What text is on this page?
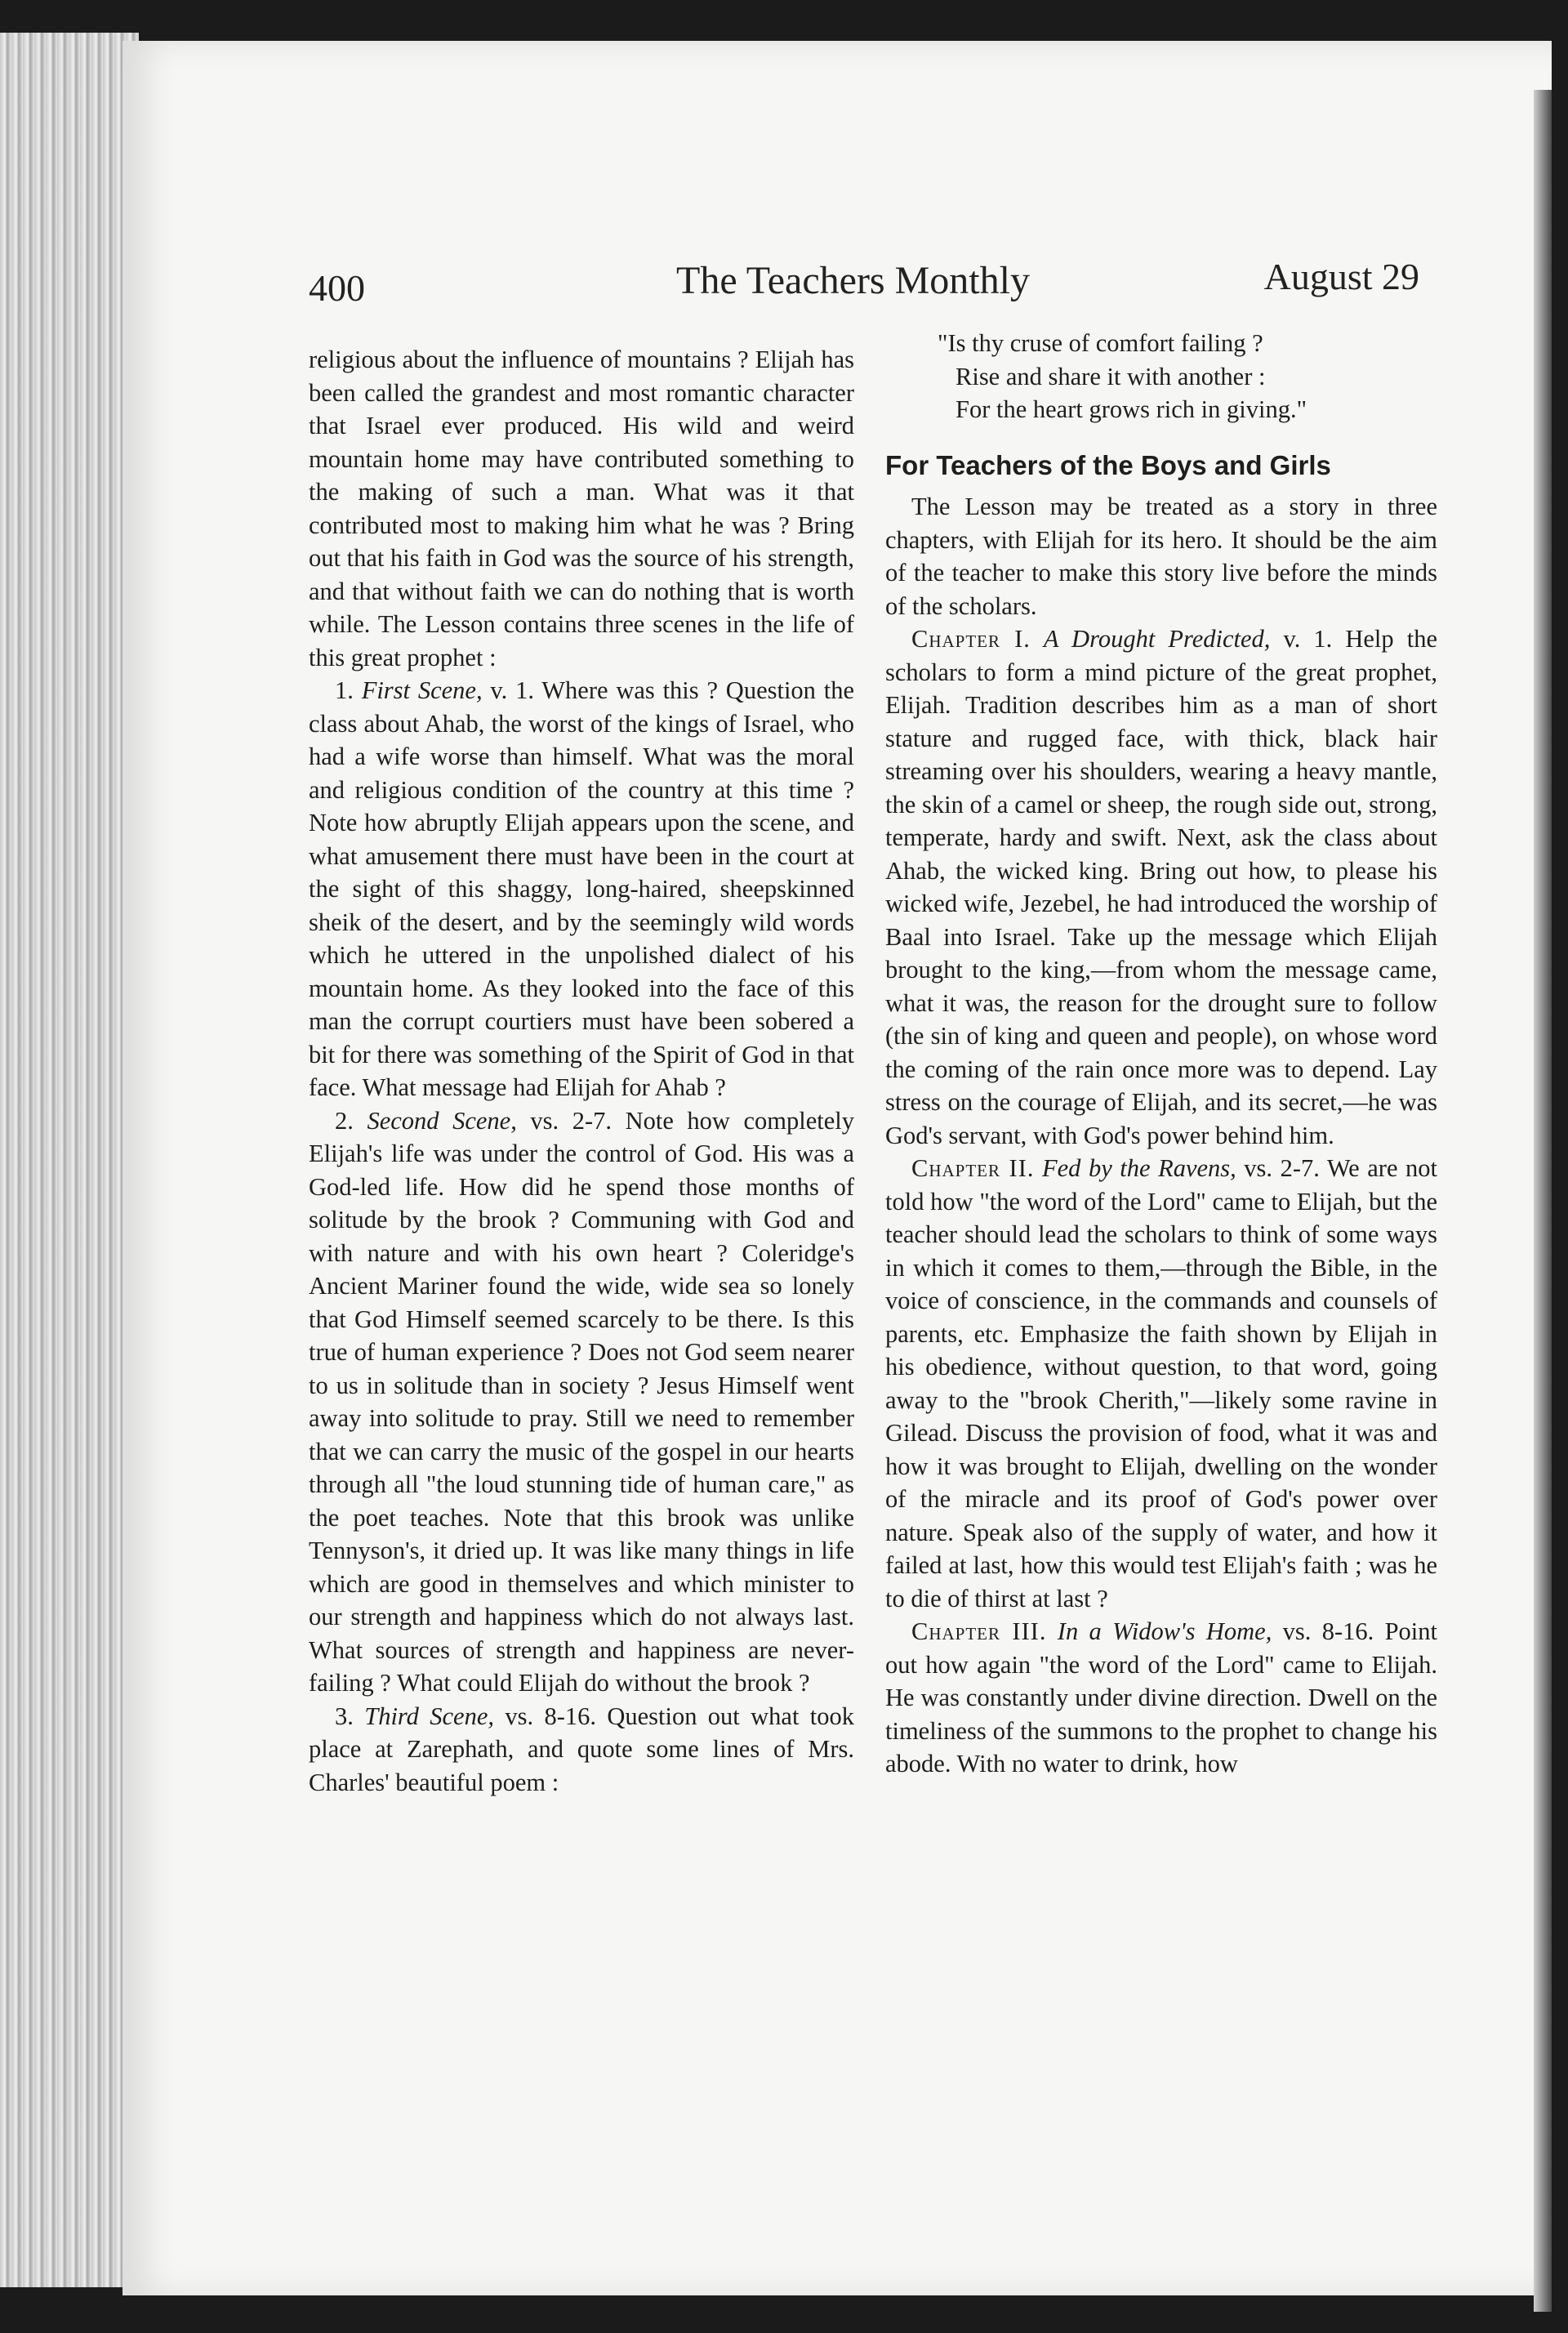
400	The Teachers Monthly	August 29

religious about the influence of mountains ? Elijah has been called the grandest and most romantic character that Israel ever produced. His wild and weird mountain home may have contributed something to the making of such a man. What was it that contributed most to making him what he was ? Bring out that his faith in God was the source of his strength, and that without faith we can do nothing that is worth while. The Lesson contains three scenes in the life of this great prophet :

1. First Scene, v. 1. Where was this ? Question the class about Ahab, the worst of the kings of Israel, who had a wife worse than himself. What was the moral and religious condition of the country at this time ? Note how abruptly Elijah appears upon the scene, and what amusement there must have been in the court at the sight of this shaggy, long-haired, sheepskinned sheik of the desert, and by the seemingly wild words which he uttered in the unpolished dialect of his mountain home. As they looked into the face of this man the corrupt courtiers must have been sobered a bit for there was something of the Spirit of God in that face. What message had Elijah for Ahab ?

2. Second Scene, vs. 2-7. Note how completely Elijah's life was under the control of God. His was a God-led life. How did he spend those months of solitude by the brook ? Communing with God and with nature and with his own heart ? Coleridge's Ancient Mariner found the wide, wide sea so lonely that God Himself seemed scarcely to be there. Is this true of human experience ? Does not God seem nearer to us in solitude than in society ? Jesus Himself went away into solitude to pray. Still we need to remember that we can carry the music of the gospel in our hearts through all "the loud stunning tide of human care," as the poet teaches. Note that this brook was unlike Tennyson's, it dried up. It was like many things in life which are good in themselves and which minister to our strength and happiness which do not always last. What sources of strength and happiness are never-failing ? What could Elijah do without the brook ?

3. Third Scene, vs. 8-16. Question out what took place at Zarephath, and quote some lines of Mrs. Charles' beautiful poem :

"Is thy cruse of comfort failing ?

Rise and share it with another :

For the heart grows rich in giving."

For Teachers of the Boys and Girls

The Lesson may be treated as a story in three chapters, with Elijah for its hero. It should be the aim of the teacher to make this story live before the minds of the scholars.

Chapter I. A Drought Predicted, v. 1. Help the scholars to form a mind picture of the great prophet, Elijah. Tradition describes him as a man of short stature and rugged face, with thick, black hair streaming over his shoulders, wearing a heavy mantle, the skin of a camel or sheep, the rough side out, strong, temperate, hardy and swift. Next, ask the class about Ahab, the wicked king. Bring out how, to please his wicked wife, Jezebel, he had introduced the worship of Baal into Israel. Take up the message which Elijah brought to the king,—from whom the message came, what it was, the reason for the drought sure to follow (the sin of king and queen and people), on whose word the coming of the rain once more was to depend. Lay stress on the courage of Elijah, and its secret,—he was God's servant, with God's power behind him.

Chapter II. Fed by the Ravens, vs. 2-7. We are not told how "the word of the Lord" came to Elijah, but the teacher should lead the scholars to think of some ways in which it comes to them,—through the Bible, in the voice of conscience, in the commands and counsels of parents, etc. Emphasize the faith shown by Elijah in his obedience, without question, to that word, going away to the "brook Cherith,"—likely some ravine in Gilead. Discuss the provision of food, what it was and how it was brought to Elijah, dwelling on the wonder of the miracle and its proof of God's power over nature. Speak also of the supply of water, and how it failed at last, how this would test Elijah's faith ; was he to die of thirst at last ?

Chapter III. In a Widow's Home, vs. 8-16. Point out how again "the word of the Lord" came to Elijah. He was constantly under divine direction. Dwell on the timeliness of the summons to the prophet to change his abode. With no water to drink, how
